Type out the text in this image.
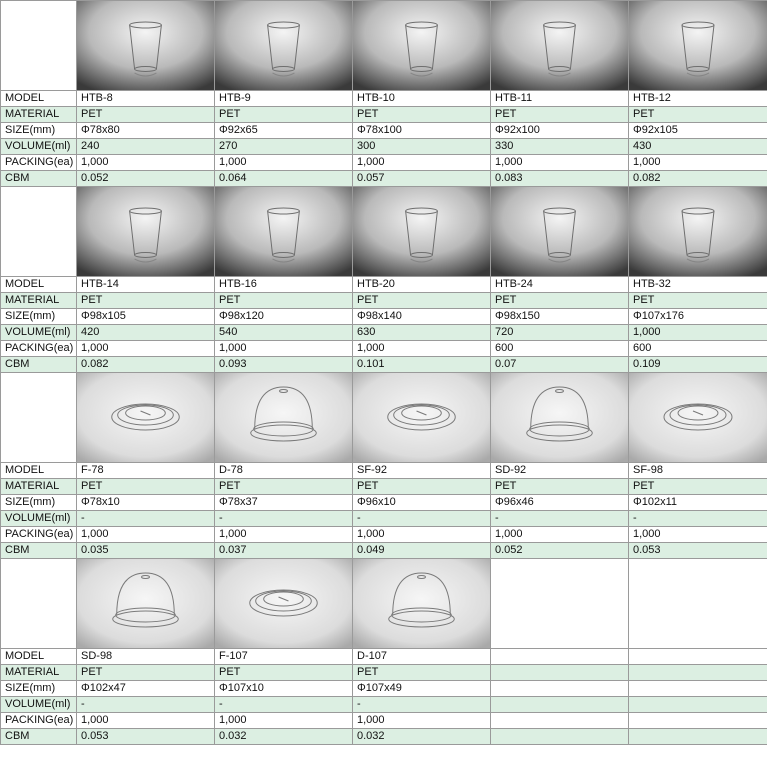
MODEL	HTB-8	HTB-9	HTB-10	HTB-11	HTB-12
MATERIAL	PET	PET	PET	PET	PET
SIZE(mm)	Φ78x80	Φ92x65	Φ78x100	Φ92x100	Φ92x105
VOLUME(ml)	240	270	300	330	430
PACKING(ea)	1,000	1,000	1,000	1,000	1,000
CBM	0.052	0.064	0.057	0.083	0.082

MODEL	HTB-14	HTB-16	HTB-20	HTB-24	HTB-32
MATERIAL	PET	PET	PET	PET	PET
SIZE(mm)	Φ98x105	Φ98x120	Φ98x140	Φ98x150	Φ107x176
VOLUME(ml)	420	540	630	720	1,000
PACKING(ea)	1,000	1,000	1,000	600	600
CBM	0.082	0.093	0.101	0.07	0.109

MODEL	F-78	D-78	SF-92	SD-92	SF-98
MATERIAL	PET	PET	PET	PET	PET
SIZE(mm)	Φ78x10	Φ78x37	Φ96x10	Φ96x46	Φ102x11
VOLUME(ml)	-	-	-	-	-
PACKING(ea)	1,000	1,000	1,000	1,000	1,000
CBM	0.035	0.037	0.049	0.052	0.053

MODEL	SD-98	F-107	D-107		
MATERIAL	PET	PET	PET		
SIZE(mm)	Φ102x47	Φ107x10	Φ107x49		
VOLUME(ml)	-	-	-		
PACKING(ea)	1,000	1,000	1,000		
CBM	0.053	0.032	0.032		
